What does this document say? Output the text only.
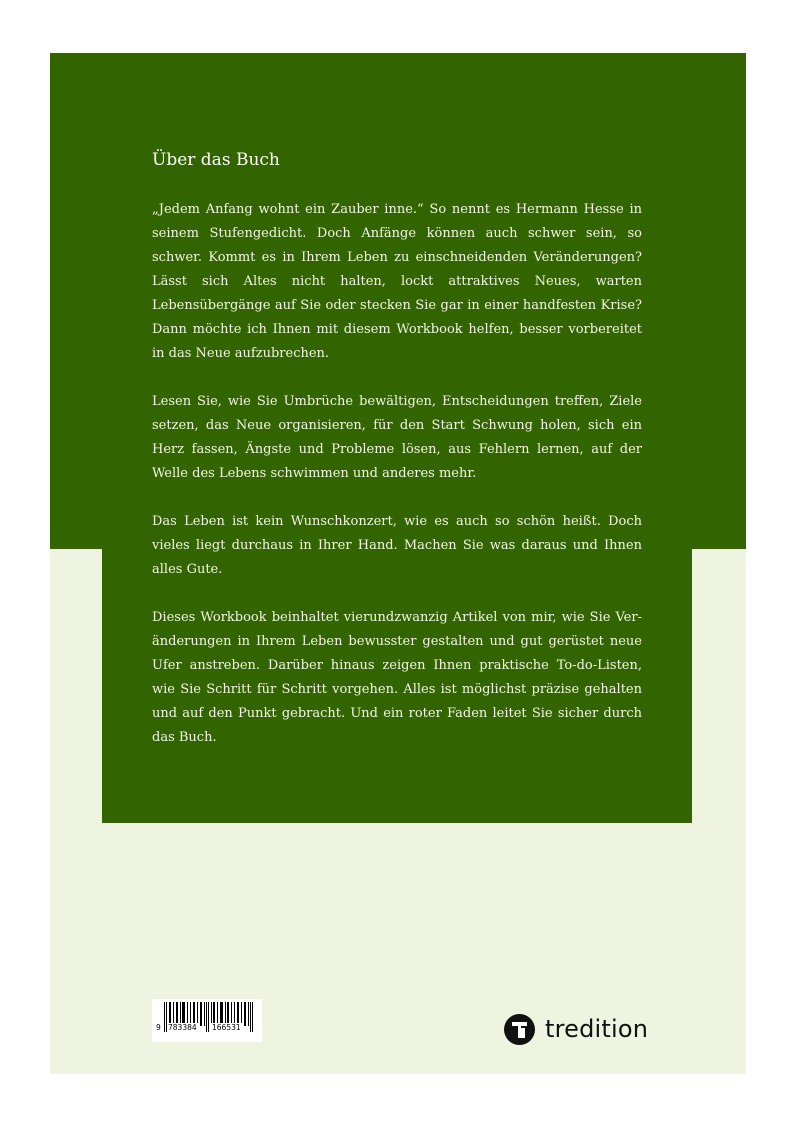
Über das Buch

„Jedem Anfang wohnt ein Zauber inne.“ So nennt es Hermann Hesse in seinem Stufengedicht. Doch Anfänge können auch schwer sein, so schwer. Kommt es in Ihrem Leben zu einschneidenden Veränderungen? Lässt sich Altes nicht halten, lockt attraktives Neues, warten Lebensübergänge auf Sie oder stecken Sie gar in einer handfesten Krise? Dann möchte ich Ihnen mit diesem Workbook helfen, besser vorbereitet in das Neue aufzubrechen.

Lesen Sie, wie Sie Umbrüche bewältigen, Entscheidungen treffen, Ziele setzen, das Neue organisieren, für den Start Schwung holen, sich ein Herz fassen, Ängste und Probleme lösen, aus Fehlern lernen, auf der Welle des Lebens schwimmen und anderes mehr.

Das Leben ist kein Wunschkonzert, wie es auch so schön heißt. Doch vieles liegt durchaus in Ihrer Hand. Machen Sie was daraus und Ihnen alles Gute.

Dieses Workbook beinhaltet vierundzwanzig Artikel von mir, wie Sie Veränderungen in Ihrem Leben bewusster gestalten und gut gerüstet neue Ufer anstreben. Darüber hinaus zeigen Ihnen praktische To-do-Listen, wie Sie Schritt für Schritt vorgehen. Alles ist möglichst präzise gehalten und auf den Punkt gebracht. Und ein roter Faden leitet Sie sicher durch das Buch.

9 783384 166531	tredition
